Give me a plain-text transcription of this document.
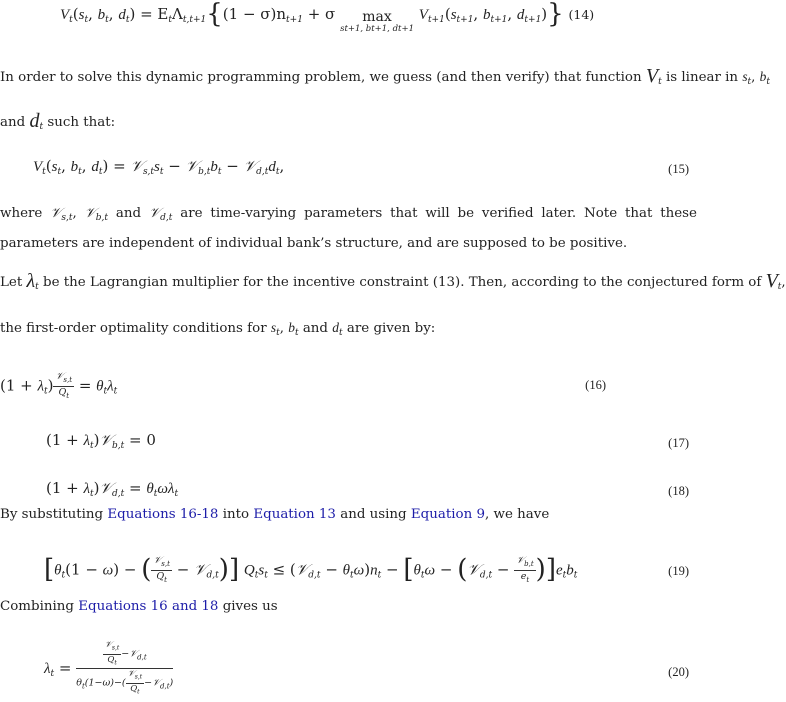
$V_t(s_t$, $b_t$, $d_t) = E_t\Lambda_{t,t+1}\{(1 - \sigma)n_{t+1} + \sigma$	max
st+1, bt+1, dt+1
$V_{t+1}(s_{t+1}$, $b_{t+1}$, $d_{t+1}$)} (14)
In order to solve this dynamic programming problem, we guess (and then verify) that function $V_t$ is linear in $s_t$, $b_t$
and $d_t$ such that:
$V_t(s_t$, $b_t$, $d_t$) = $𝒱_{s,t}s_t$ − $𝒱_{b,t}b_t$ − $𝒱_{d,t}d_t$,	(15)
where 𝒱$_{s,t}$, 𝒱$_{b,t}$ and 𝒱$_{d,t}$ are time-varying parameters that will be verified later. Note that these parameters are independent of individual bank’s structure, and are supposed to be positive.
Let $\lambda_t$ be the Lagrangian multiplier for the incentive constraint (13). Then, according to the conjectured form of $V_t$,
the first-order optimality conditions for $s_t$, $b_t$ and $d_t$ are given by:
$(1 + \lambda_t) \frac{𝒱_{s,t}}{Q_t} = \theta_t\lambda_t$	(16)
$(1 + \lambda_t)𝒱_{b,t} = 0$	(17)
$(1 + \lambda_t)𝒱_{d,t} = \theta_t\omega\lambda_t$	(18)
By substituting Equations 16-18 into Equation 13 and using Equation 9, we have
[$\theta_t(1 - \omega)$ − ( $\frac{𝒱_{s,t}}{Q_t}$ − 𝒱$_{d,t}$)] $Q_ts_t$ ≤ (𝒱$_{d,t}$ − $\theta_t\omega)n_t - [\theta_t\omega$ − (𝒱$_{d,t}$ − $\frac{𝒱_{b,t}}{e_t} )]e_tb_t$	(19)
Combining Equations 16 and 18 gives us
$\lambda_t = \frac{\frac{𝒱_{s,t}}{Q_t} -𝒱_{d,t}}{\theta_t(1-\omega)-( \frac{𝒱_{s,t}}{Q_t} -𝒱_{d,t})}$	(20)
